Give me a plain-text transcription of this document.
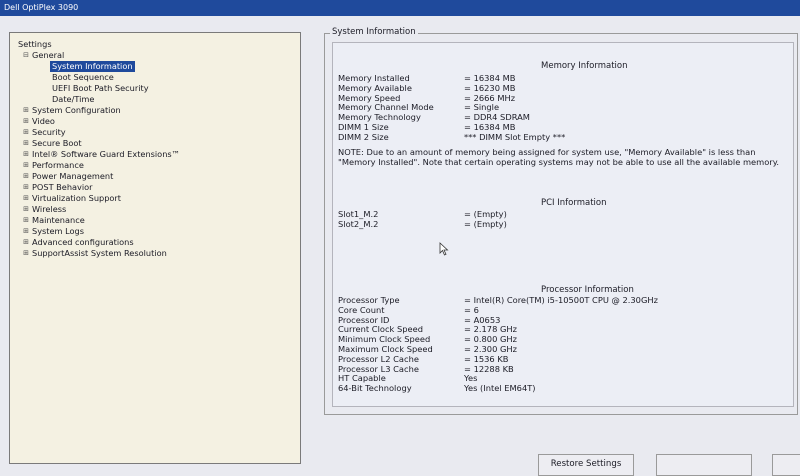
Dell OptiPlex 3090
Settings
⊟ General
System Information
Boot Sequence
UEFI Boot Path Security
Date/Time
⊞ System Configuration
⊞ Video
⊞ Security
⊞ Secure Boot
⊞ Intel® Software Guard Extensions™
⊞ Performance
⊞ Power Management
⊞ POST Behavior
⊞ Virtualization Support
⊞ Wireless
⊞ Maintenance
⊞ System Logs
⊞ Advanced configurations
⊞ SupportAssist System Resolution
System Information
Memory Information
Memory Installed	= 16384 MB
Memory Available	= 16230 MB
Memory Speed	= 2666 MHz
Memory Channel Mode	= Single
Memory Technology	= DDR4 SDRAM
DIMM 1 Size	= 16384 MB
DIMM 2 Size	*** DIMM Slot Empty ***
NOTE: Due to an amount of memory being assigned for system use, "Memory Available" is less than "Memory Installed". Note that certain operating systems may not be able to use all the available memory.
PCI Information
Slot1_M.2	= (Empty)
Slot2_M.2	= (Empty)
Processor Information
Processor Type	= Intel(R) Core(TM) i5-10500T CPU @ 2.30GHz
Core Count	= 6
Processor ID	= A0653
Current Clock Speed	= 2.178 GHz
Minimum Clock Speed	= 0.800 GHz
Maximum Clock Speed	= 2.300 GHz
Processor L2 Cache	= 1536 KB
Processor L3 Cache	= 12288 KB
HT Capable	Yes
64-Bit Technology	Yes (Intel EM64T)
Restore Settings
